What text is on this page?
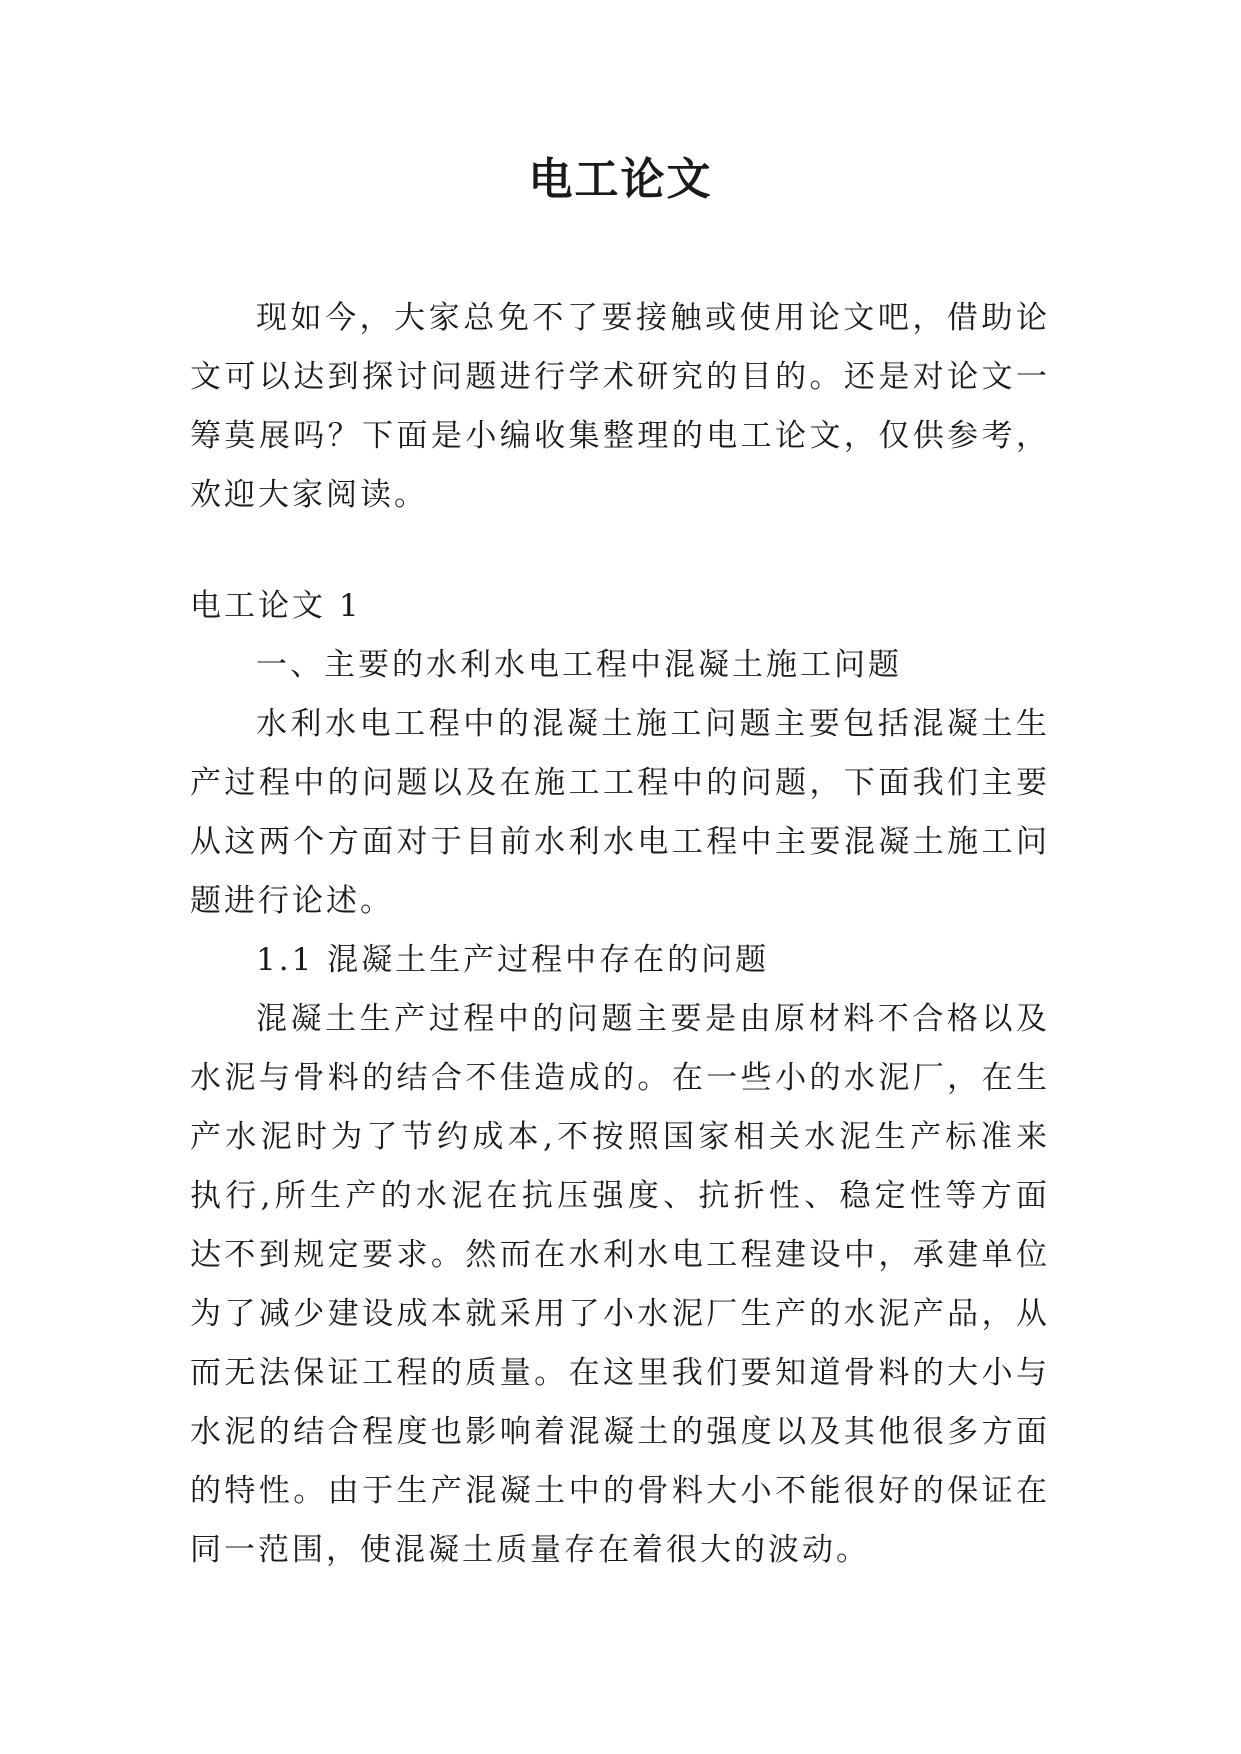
电工论文

现如今，大家总免不了要接触或使用论文吧，借助论文可以达到探讨问题进行学术研究的目的。还是对论文一筹莫展吗？下面是小编收集整理的电工论文，仅供参考，欢迎大家阅读。

电工论文 1

一、主要的水利水电工程中混凝土施工问题

水利水电工程中的混凝土施工问题主要包括混凝土生产过程中的问题以及在施工工程中的问题，下面我们主要从这两个方面对于目前水利水电工程中主要混凝土施工问题进行论述。

1.1 混凝土生产过程中存在的问题

混凝土生产过程中的问题主要是由原材料不合格以及水泥与骨料的结合不佳造成的。在一些小的水泥厂，在生产水泥时为了节约成本,不按照国家相关水泥生产标准来执行,所生产的水泥在抗压强度、抗折性、稳定性等方面达不到规定要求。然而在水利水电工程建设中，承建单位为了减少建设成本就采用了小水泥厂生产的水泥产品，从而无法保证工程的质量。在这里我们要知道骨料的大小与水泥的结合程度也影响着混凝土的强度以及其他很多方面的特性。由于生产混凝土中的骨料大小不能很好的保证在同一范围，使混凝土质量存在着很大的波动。
